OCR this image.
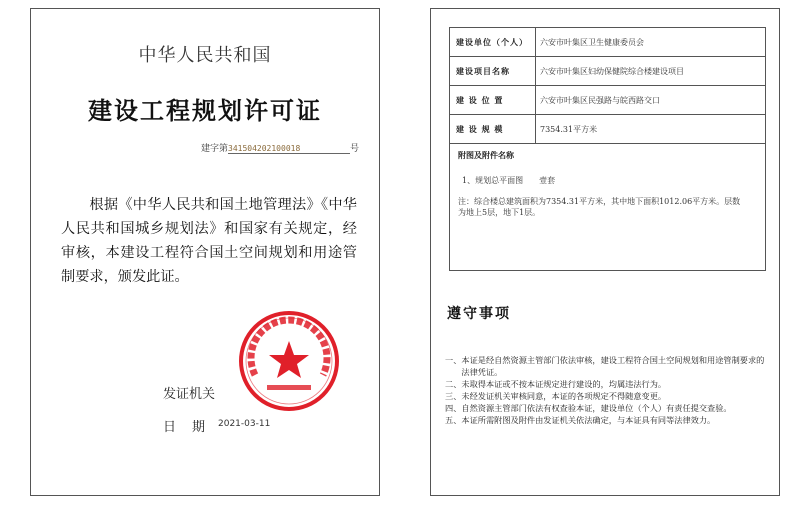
中华人民共和国
建设工程规划许可证
建字第341504202100018	号
根据《中华人民共和国土地管理法》《中华人民共和国城乡规划法》和国家有关规定，经审核，本建设工程符合国土空间规划和用途管制要求，颁发此证。
发证机关
日期
2021-03-11
建设单位（个人）	六安市叶集区卫生健康委员会
建设项目名称	六安市叶集区妇幼保健院综合楼建设项目
建 设 位 置	六安市叶集区民强路与皖西路交口
建 设 规 模	7354.31平方米
附图及附件名称
1、规划总平面图　　壹套
注：综合楼总建筑面积为7354.31平方米，其中地下面积1012.06平方米。层数为地上5层，地下1层。
遵守事项

一、本证是经自然资源主管部门依法审核，建设工程符合国土空间规划和用途管制要求的法律凭证。

二、未取得本证或不按本证规定进行建设的，均属违法行为。

三、未经发证机关审核同意，本证的各项规定不得随意变更。

四、自然资源主管部门依法有权查验本证，建设单位（个人）有责任提交查验。

五、本证所需附图及附件由发证机关依法确定，与本证具有同等法律效力。
